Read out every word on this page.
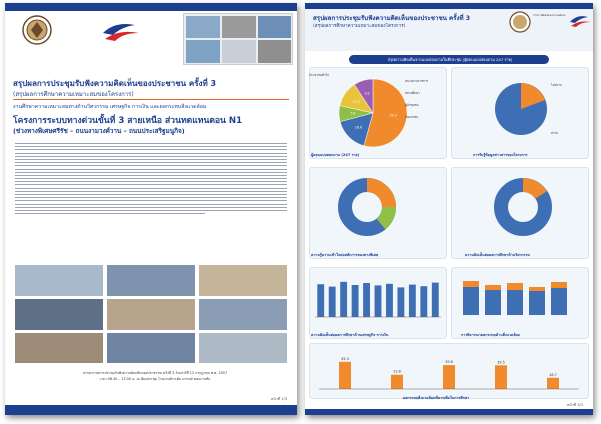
สรุปผลการประชุมรับฟังความคิดเห็นของประชาชน ครั้งที่ 3
(สรุปผลการศึกษาความเหมาะสมของโครงการ)
งานศึกษาความเหมาะสมทางด้านวิศวกรรม เศรษฐกิจ การเงิน และผลกระทบสิ่งแวดล้อม
โครงการระบบทางด่วนขั้นที่ 3 สายเหนือ ส่วนทดแทนตอน N1
(ช่วงทางพิเศษศรีรัช – ถนนงามวงศ์วาน – ถนนประเสริฐมนูกิจ)
บรรยากาศการประชุมรับฟังความคิดเห็นของประชาชน ครั้งที่ 3 วันเสาร์ที่ 12 กรกฎาคม พ.ศ. 2557
เวลา 08.30 – 13.00 น. ณ ห้องประชุม โรงแรมมิราเคิล แกรนด์ คอนเวนชั่น
หน้าที่ 1/3
สรุปผลการประชุมรับฟังความคิดเห็นของประชาชน ครั้งที่ 3
(สรุปผลการศึกษาความเหมาะสมของโครงการ)
การทางพิเศษแห่งประเทศไทย
สรุปความคิดเห็นจากแบบสอบถามในที่ประชุม (ผู้ตอบแบบสอบถาม 247 ราย)
54.3
16.6
7.6
12.3
9.2
ประชาชนทั่วไป
หน่วยงานราชการ
สถานศึกษา
ผู้นำชุมชน
สื่อมวลชน
ไม่ทราบ
ทราบ
45.3
23.8
39.8	39.5
18.7
ผู้ตอบแบบสอบถาม (247 ราย)	การรับรู้ข้อมูลข่าวสารของโครงการ
ความรู้ความเข้าใจต่อหลักการของทางพิเศษ	ความคิดเห็นต่อผลการศึกษาด้านวิศวกรรม
ความคิดเห็นต่อผลการศึกษาด้านเศรษฐกิจ-การเงิน	การพิจารณาผลกระทบด้านสิ่งแวดล้อม
ผลกระทบสิ่งแวดล้อมที่ควรเพิ่มในการศึกษา
หน้าที่ 3/3
